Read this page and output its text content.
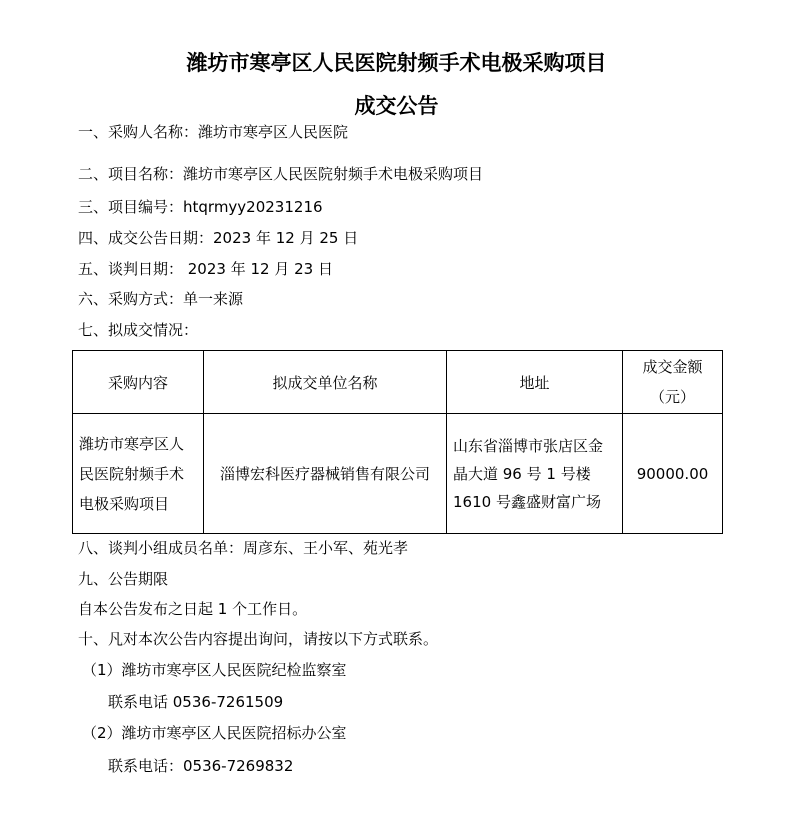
潍坊市寒亭区人民医院射频手术电极采购项目
成交公告
一、采购人名称：潍坊市寒亭区人民医院
二、项目名称：潍坊市寒亭区人民医院射频手术电极采购项目
三、项目编号：htqrmyy20231216
四、成交公告日期：2023 年 12 月 25 日
五、谈判日期： 2023 年 12 月 23 日
六、采购方式：单一来源
七、拟成交情况：
采购内容	拟成交单位名称	地址	成交金额
（元）
潍坊市寒亭区人
民医院射频手术
电极采购项目	淄博宏科医疗器械销售有限公司	山东省淄博市张店区金
晶大道 96 号 1 号楼
1610 号鑫盛财富广场	90000.00
八、谈判小组成员名单：周彦东、王小军、苑光孝
九、公告期限
自本公告发布之日起 1 个工作日。
十、凡对本次公告内容提出询问，请按以下方式联系。
（1）潍坊市寒亭区人民医院纪检监察室
联系电话 0536-7261509
（2）潍坊市寒亭区人民医院招标办公室
联系电话：0536-7269832
